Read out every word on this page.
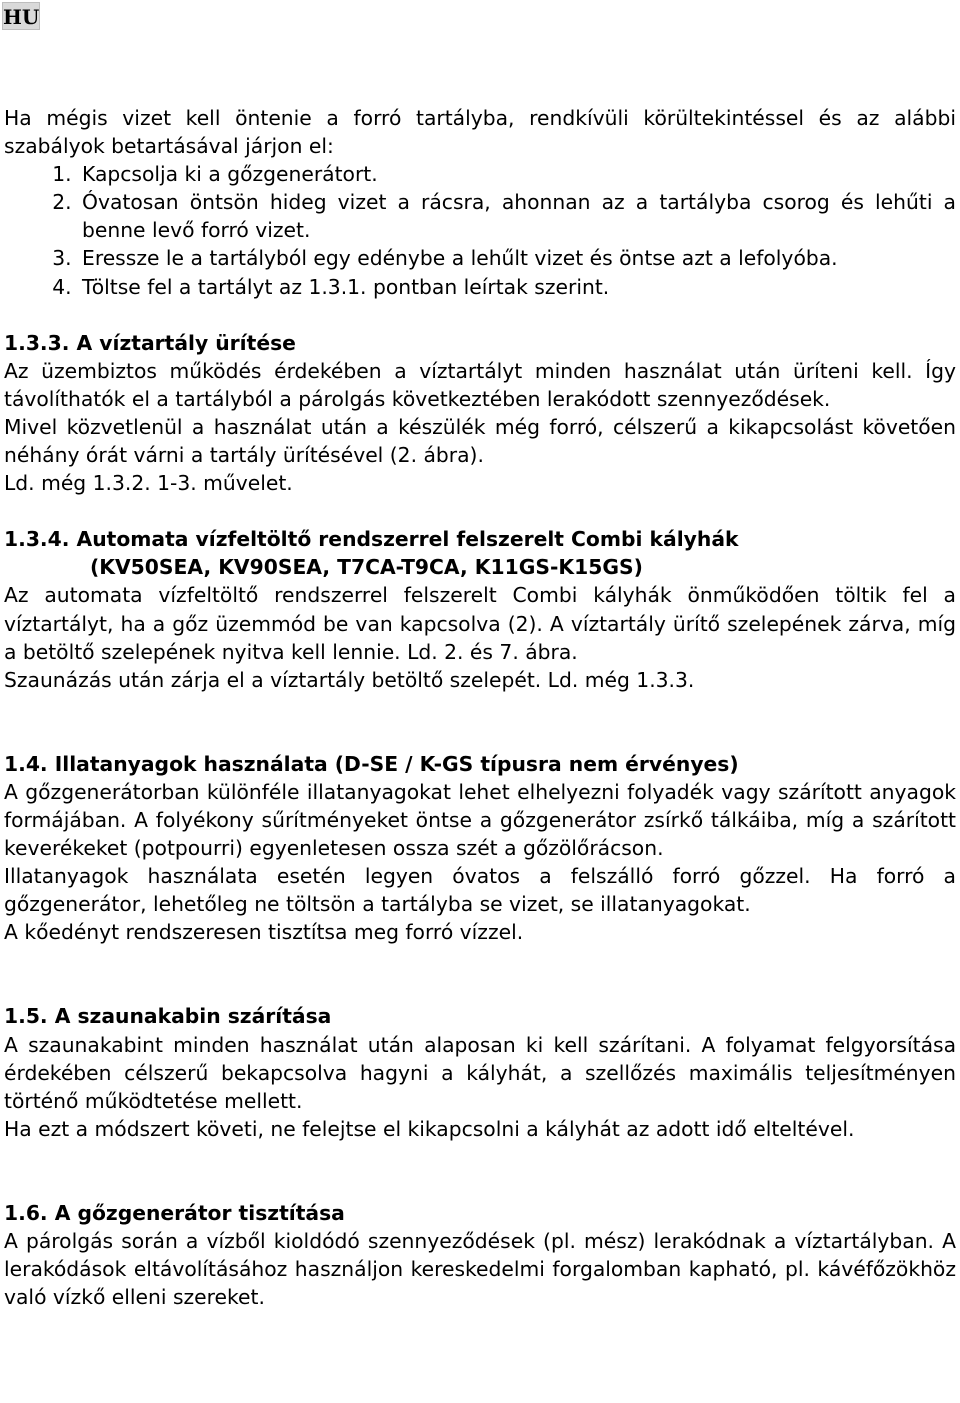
HU

Ha mégis vizet kell öntenie a forró tartályba, rendkívüli körültekintéssel és az alábbi szabályok betartásával járjon el:

1. Kapcsolja ki a gőzgenerátort.
2. Óvatosan öntsön hideg vizet a rácsra, ahonnan az a tartályba csorog és lehűti a benne levő forró vizet.
3. Eressze le a tartályból egy edénybe a lehűlt vizet és öntse azt a lefolyóba.
4. Töltse fel a tartályt az 1.3.1. pontban leírtak szerint.
1.3.3. A víztartály ürítése

Az üzembiztos működés érdekében a víztartályt minden használat után üríteni kell. Így távolíthatók el a tartályból a párolgás következtében lerakódott szennyeződések.

Mivel közvetlenül a használat után a készülék még forró, célszerű a kikapcsolást követően néhány órát várni a tartály ürítésével (2. ábra).

Ld. még 1.3.2. 1-3. művelet.

1.3.4. Automata vízfeltöltő rendszerrel felszerelt Combi kályhák
(KV50SEA, KV90SEA, T7CA-T9CA, K11GS-K15GS)

Az automata vízfeltöltő rendszerrel felszerelt Combi kályhák önműködően töltik fel a víztartályt, ha a gőz üzemmód be van kapcsolva (2). A víztartály ürítő szelepének zárva, míg a betöltő szelepének nyitva kell lennie. Ld. 2. és 7. ábra.

Szaunázás után zárja el a víztartály betöltő szelepét. Ld. még 1.3.3.

1.4. Illatanyagok használata (D-SE / K-GS típusra nem érvényes)

A gőzgenerátorban különféle illatanyagokat lehet elhelyezni folyadék vagy szárított anyagok formájában. A folyékony sűrítményeket öntse a gőzgenerátor zsírkő tálkáiba, míg a szárított keverékeket (potpourri) egyenletesen ossza szét a gőzölőrácson.

Illatanyagok használata esetén legyen óvatos a felszálló forró gőzzel. Ha forró a gőzgenerátor, lehetőleg ne töltsön a tartályba se vizet, se illatanyagokat.

A kőedényt rendszeresen tisztítsa meg forró vízzel.

1.5. A szaunakabin szárítása

A szaunakabint minden használat után alaposan ki kell szárítani. A folyamat felgyorsítása érdekében célszerű bekapcsolva hagyni a kályhát, a szellőzés maximális teljesítményen történő működtetése mellett.

Ha ezt a módszert követi, ne felejtse el kikapcsolni a kályhát az adott idő elteltével.

1.6. A gőzgenerátor tisztítása

A párolgás során a vízből kioldódó szennyeződések (pl. mész) lerakódnak a víztartályban. A lerakódások eltávolításához használjon kereskedelmi forgalomban kapható, pl. kávéfőzökhöz való vízkő elleni szereket.
